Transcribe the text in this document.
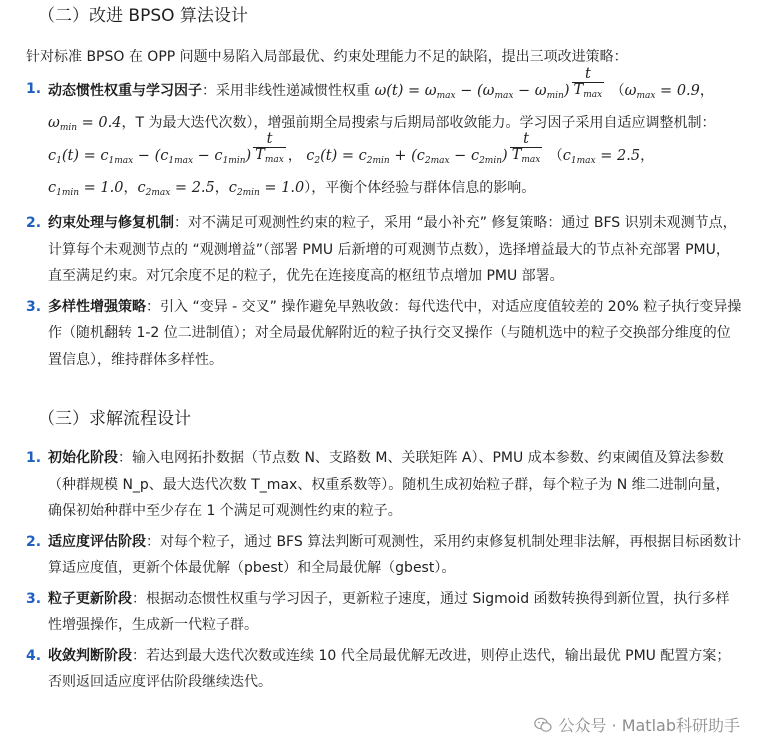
（二）改进 BPSO 算法设计

针对标准 BPSO 在 OPP 问题中易陷入局部最优、约束处理能力不足的缺陷，提出三项改进策略：

1. 动态惯性权重与学习因子：采用非线性递减惯性权重 $\omega(t) = \omega_{max} - (\omega_{max} - \omega_{min}) \frac{t}{T_{max}} (\omega_{max} = 0.9$，$\omega_{min} = 0.4$，T 为最大迭代次数），增强前期全局搜索与后期局部收敛能力。学习因子采用自适应调整机制： $c_1(t) = c_{1max} - (c_{1max} - c_{1min}) \frac{t}{T_{max}}$ ， $c_2(t) = c_{2min} + (c_{2max} - c_{2min}) \frac{t}{T_{max}} (c_{1max} = 2.5$，$c_{1min} = 1.0$，$c_{2max} = 2.5$，$c_{2min} = 1.0$），平衡个体经验与群体信息的影响。
2. 约束处理与修复机制：对不满足可观测性约束的粒子，采用 “最小补充” 修复策略：通过 BFS 识别未观测节点，计算每个未观测节点的 “观测增益”（部署 PMU 后新增的可观测节点数），选择增益最大的节点补充部署 PMU，直至满足约束。对冗余度不足的粒子，优先在连接度高的枢纽节点增加 PMU 部署。
3. 多样性增强策略：引入 “变异 - 交叉” 操作避免早熟收敛：每代迭代中，对适应度值较差的 20% 粒子执行变异操作（随机翻转 1-2 位二进制值）；对全局最优解附近的粒子执行交叉操作（与随机选中的粒子交换部分维度的位置信息），维持群体多样性。
（三）求解流程设计
1. 初始化阶段：输入电网拓扑数据（节点数 N、支路数 M、关联矩阵 A）、PMU 成本参数、约束阈值及算法参数（种群规模 N_p、最大迭代次数 T_max、权重系数等）。随机生成初始粒子群，每个粒子为 N 维二进制向量，确保初始种群中至少存在 1 个满足可观测性约束的粒子。
2. 适应度评估阶段：对每个粒子，通过 BFS 算法判断可观测性，采用约束修复机制处理非法解，再根据目标函数计算适应度值，更新个体最优解（pbest）和全局最优解（gbest）。
3. 粒子更新阶段：根据动态惯性权重与学习因子，更新粒子速度，通过 Sigmoid 函数转换得到新位置，执行多样性增强操作，生成新一代粒子群。
4. 收敛判断阶段：若达到最大迭代次数或连续 10 代全局最优解无改进，则停止迭代，输出最优 PMU 配置方案；否则返回适应度评估阶段继续迭代。
公众号 · Matlab科研助手
